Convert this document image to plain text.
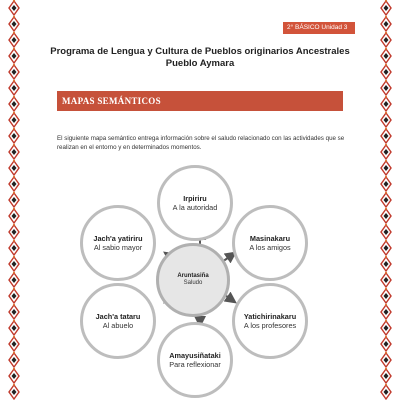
2° BÁSICO Unidad 3
Programa de Lengua y Cultura de Pueblos originarios Ancestrales
Pueblo Aymara
MAPAS SEMÁNTICOS
El siguiente mapa semántico entrega información sobre el saludo relacionado con las actividades que se
realizan en el entorno y en determinados momentos.
Aruntasiña
Saludo
Irpiriru
A la autoridad
Masinakaru
A los amigos
Yatichirinakaru
A los profesores
Amayusiñataki
Para reflexionar
Jach'a tataru
Al abuelo
Jach'a yatiriru
Al sabio mayor
